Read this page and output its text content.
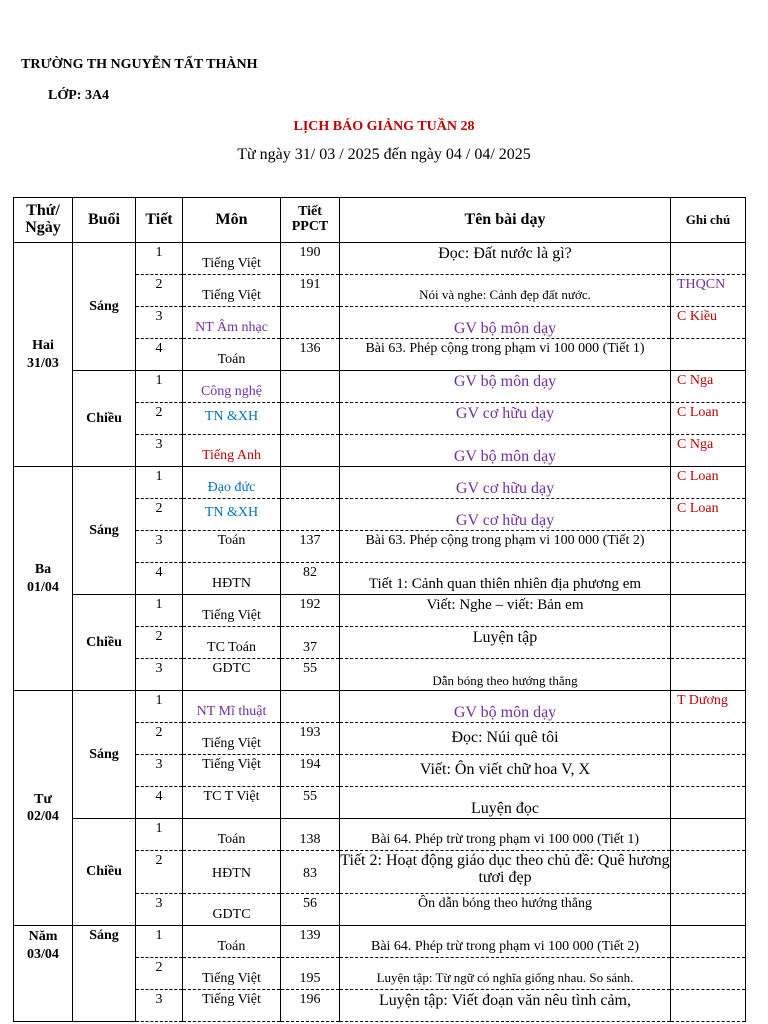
TRƯỜNG TH NGUYỄN TẤT THÀNH
LỚP: 3A4
LỊCH BÁO GIẢNG TUẦN 28
Từ ngày 31/ 03 / 2025 đến ngày 04 / 04/ 2025
Thứ/ Ngày	Buổi	Tiết	Môn	Tiết PPCT	Tên bài dạy	Ghi chú
Hai
31/03	Sáng	1	Tiếng Việt	190	Đọc: Đất nước là gì?	

		2	Tiếng Việt	191	Nói và nghe: Cảnh đẹp đất nước.	THQCN

		3	NT Âm nhạc		GV bộ môn dạy	C Kiều

		4	Toán	136	Bài 63. Phép cộng trong phạm vi 100 000 (Tiết 1)	

	Chiều	1	Công nghệ		GV bộ môn dạy	C Nga

		2	TN &XH		GV cơ hữu dạy	C Loan

		3	Tiếng Anh		GV bộ môn dạy	C Nga

Ba
01/04	Sáng	1	Đạo đức		GV cơ hữu dạy	C Loan

		2	TN &XH		GV cơ hữu dạy	C Loan

		3	Toán	137	Bài 63. Phép cộng trong phạm vi 100 000 (Tiết 2)	

		4	HĐTN	82	Tiết 1: Cảnh quan thiên nhiên địa phương em	

	Chiều	1	Tiếng Việt	192	Viết: Nghe – viết: Bản em	

		2	TC Toán	37	Luyện tập	

		3	GDTC	55	Dẫn bóng theo hướng thẳng	

Tư
02/04	Sáng	1	NT Mĩ thuật		GV bộ môn dạy	T Dương

		2	Tiếng Việt	193	Đọc: Núi quê tôi	

		3	Tiếng Việt	194	Viết: Ôn viết chữ hoa V, X	

		4	TC T Việt	55	Luyện đọc	

	Chiều	1	Toán	138	Bài 64. Phép trừ trong phạm vi 100 000 (Tiết 1)	

		2	HĐTN	83	Tiết 2: Hoạt động giáo dục theo chủ đề: Quê hương tươi đẹp	

		3	GDTC	56	Ôn dẫn bóng theo hướng thẳng	

Năm
03/04	Sáng	1	Toán	139	Bài 64. Phép trừ trong phạm vi 100 000 (Tiết 2)	

		2	Tiếng Việt	195	Luyện tập: Từ ngữ có nghĩa giống nhau. So sánh.	

		3	Tiếng Việt	196	Luyện tập: Viết đoạn văn nêu tình cảm,	
